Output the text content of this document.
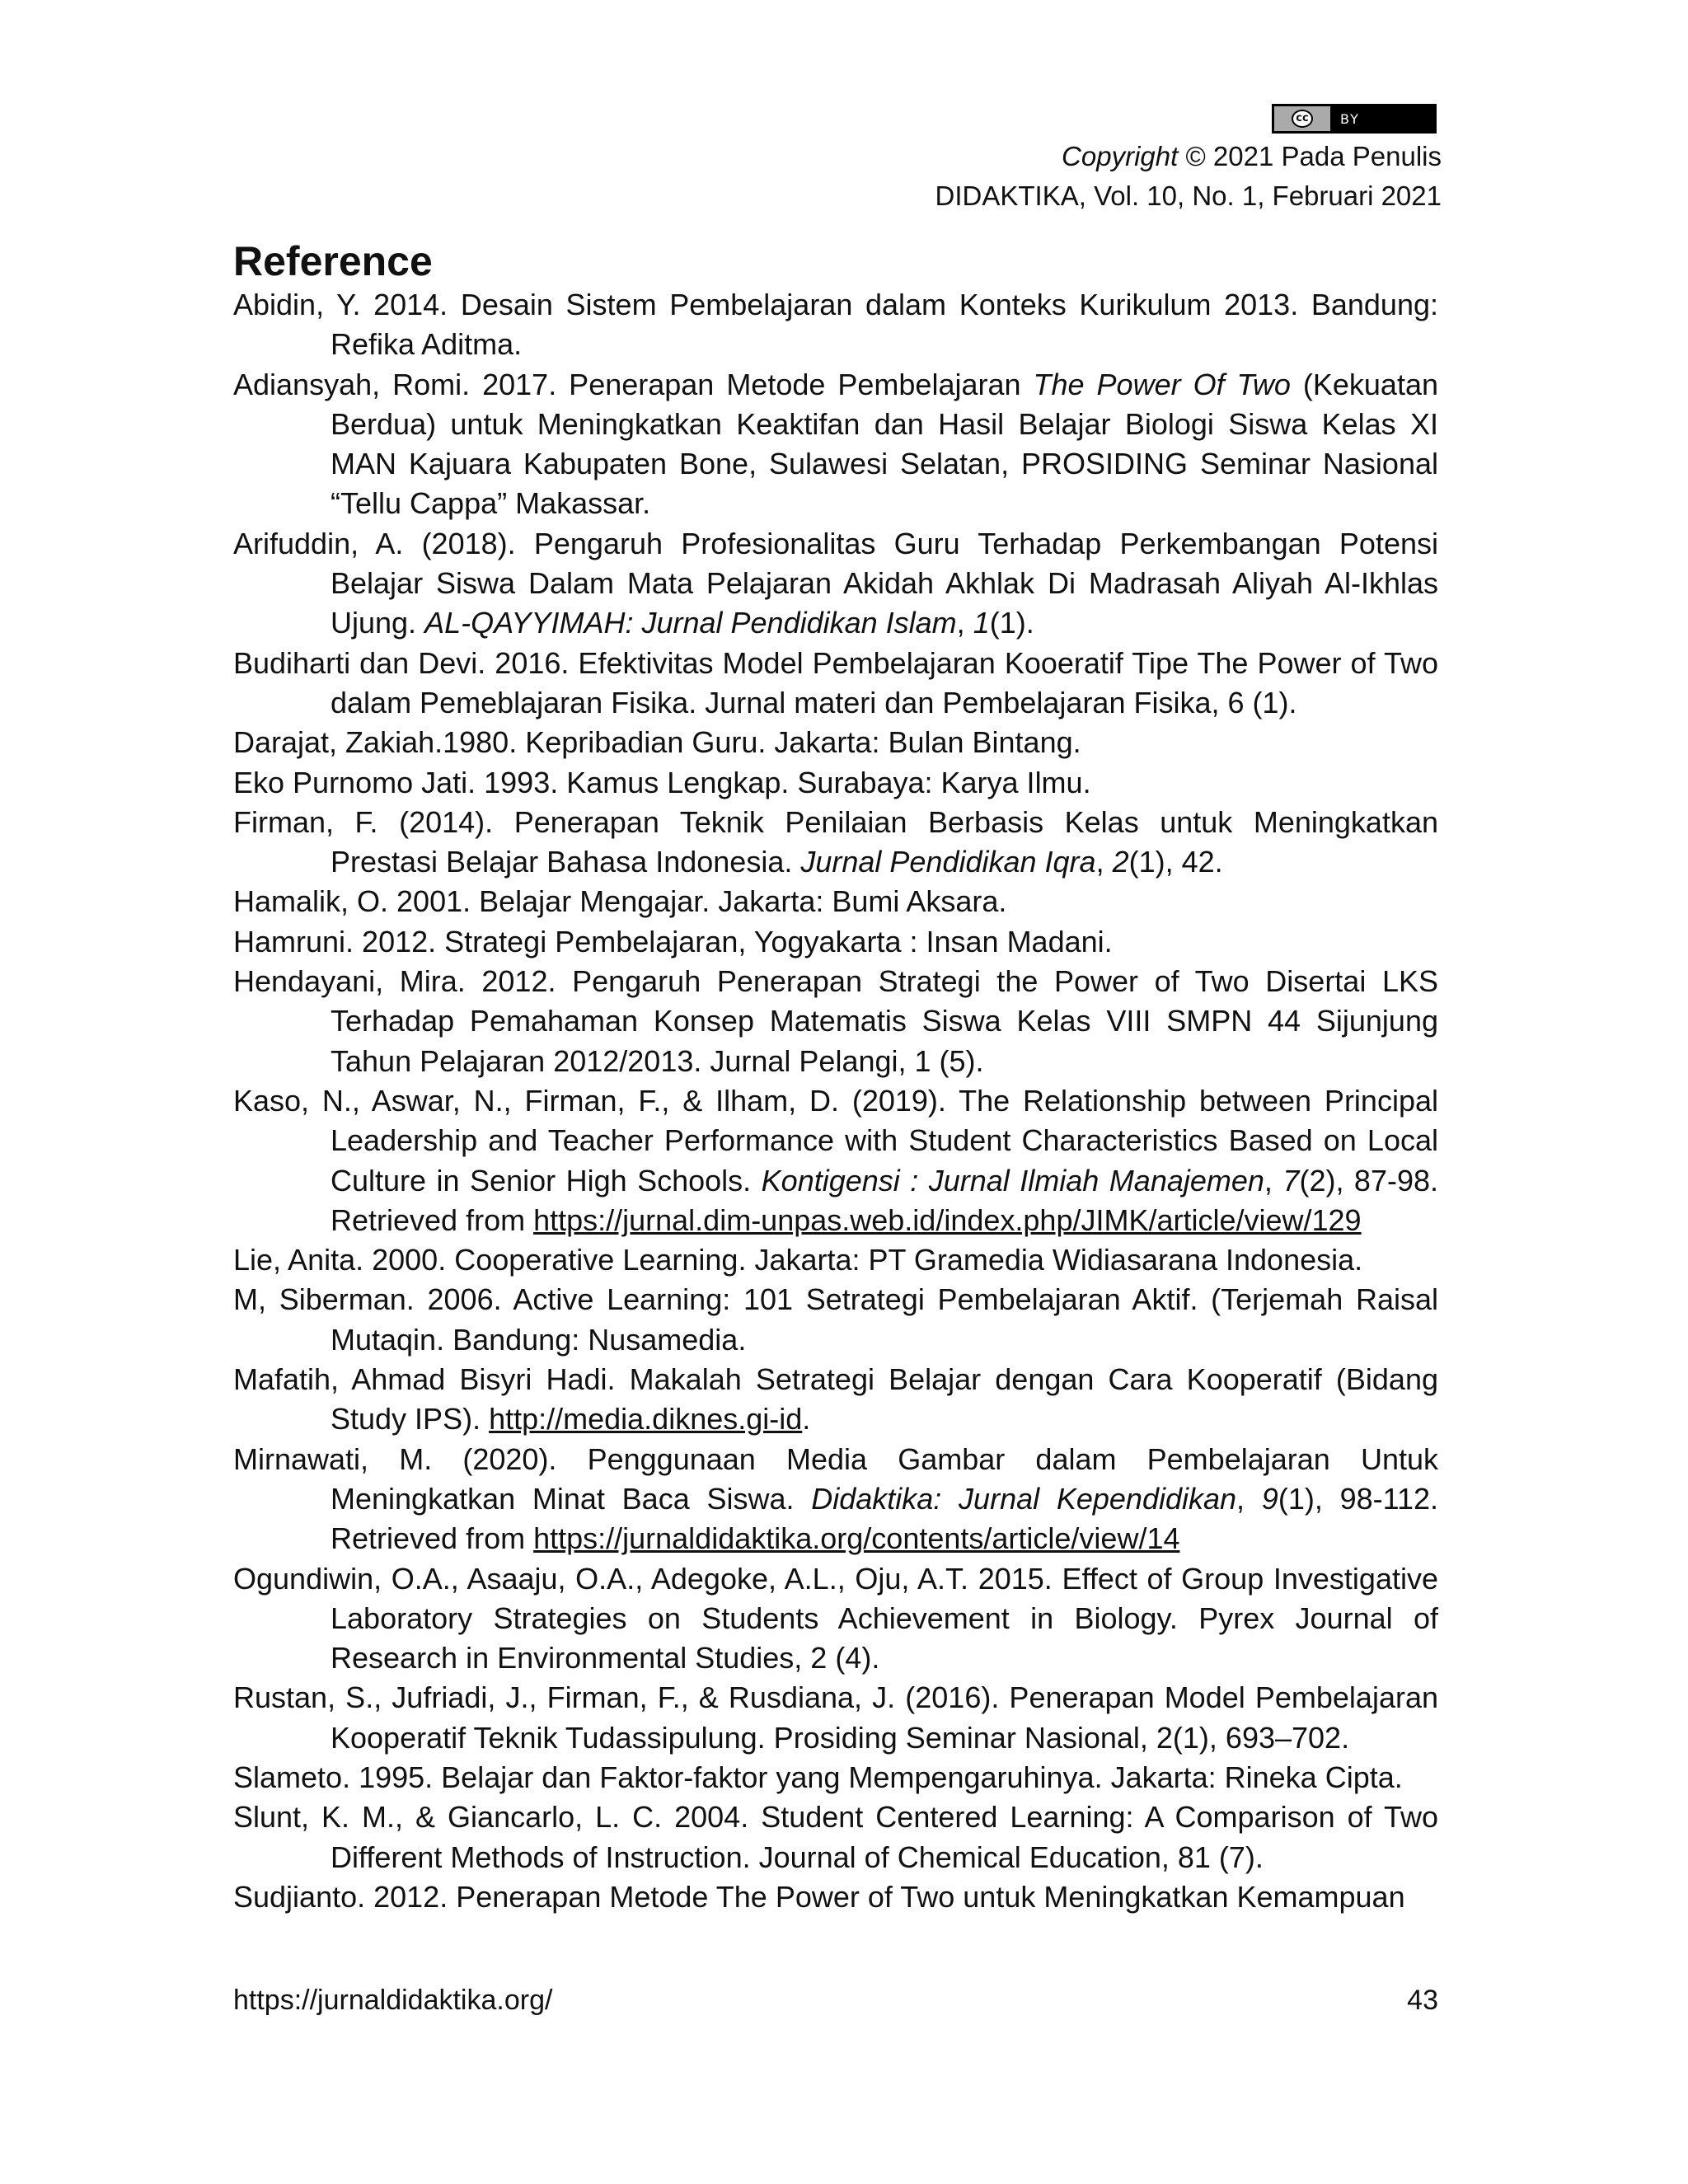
cc	BY
Copyright © 2021 Pada Penulis
DIDAKTIKA, Vol. 10, No. 1, Februari 2021
Reference

Abidin, Y. 2014. Desain Sistem Pembelajaran dalam Konteks Kurikulum 2013. Bandung: Refika Aditma.

Adiansyah, Romi. 2017. Penerapan Metode Pembelajaran The Power Of Two (Kekuatan Berdua) untuk Meningkatkan Keaktifan dan Hasil Belajar Biologi Siswa Kelas XI MAN Kajuara Kabupaten Bone, Sulawesi Selatan, PROSIDING Seminar Nasional “Tellu Cappa” Makassar.

Arifuddin, A. (2018). Pengaruh Profesionalitas Guru Terhadap Perkembangan Potensi Belajar Siswa Dalam Mata Pelajaran Akidah Akhlak Di Madrasah Aliyah Al-Ikhlas Ujung. AL-QAYYIMAH: Jurnal Pendidikan Islam, 1(1).

Budiharti dan Devi. 2016. Efektivitas Model Pembelajaran Kooeratif Tipe The Power of Two dalam Pemeblajaran Fisika. Jurnal materi dan Pembelajaran Fisika, 6 (1).

Darajat, Zakiah.1980. Kepribadian Guru. Jakarta: Bulan Bintang.

Eko Purnomo Jati. 1993. Kamus Lengkap. Surabaya: Karya Ilmu.

Firman, F. (2014). Penerapan Teknik Penilaian Berbasis Kelas untuk Meningkatkan Prestasi Belajar Bahasa Indonesia. Jurnal Pendidikan Iqra, 2(1), 42.

Hamalik, O. 2001. Belajar Mengajar. Jakarta: Bumi Aksara.

Hamruni. 2012. Strategi Pembelajaran, Yogyakarta : Insan Madani.

Hendayani, Mira. 2012. Pengaruh Penerapan Strategi the Power of Two Disertai LKS Terhadap Pemahaman Konsep Matematis Siswa Kelas VIII SMPN 44 Sijunjung Tahun Pelajaran 2012/2013. Jurnal Pelangi, 1 (5).

Kaso, N., Aswar, N., Firman, F., & Ilham, D. (2019). The Relationship between Principal Leadership and Teacher Performance with Student Characteristics Based on Local Culture in Senior High Schools. Kontigensi : Jurnal Ilmiah Manajemen, 7(2), 87-98. Retrieved from https://jurnal.dim-unpas.web.id/index.php/JIMK/article/view/129

Lie, Anita. 2000. Cooperative Learning. Jakarta: PT Gramedia Widiasarana Indonesia.

M, Siberman. 2006. Active Learning: 101 Setrategi Pembelajaran Aktif. (Terjemah Raisal Mutaqin. Bandung: Nusamedia.

Mafatih, Ahmad Bisyri Hadi. Makalah Setrategi Belajar dengan Cara Kooperatif (Bidang Study IPS). http://media.diknes.gi-id.

Mirnawati, M. (2020). Penggunaan Media Gambar dalam Pembelajaran Untuk Meningkatkan Minat Baca Siswa. Didaktika: Jurnal Kependidikan, 9(1), 98-112. Retrieved from https://jurnaldidaktika.org/contents/article/view/14

Ogundiwin, O.A., Asaaju, O.A., Adegoke, A.L., Oju, A.T. 2015. Effect of Group Investigative Laboratory Strategies on Students Achievement in Biology. Pyrex Journal of Research in Environmental Studies, 2 (4).

Rustan, S., Jufriadi, J., Firman, F., & Rusdiana, J. (2016). Penerapan Model Pembelajaran Kooperatif Teknik Tudassipulung. Prosiding Seminar Nasional, 2(1), 693–702.

Slameto. 1995. Belajar dan Faktor-faktor yang Mempengaruhinya. Jakarta: Rineka Cipta.

Slunt, K. M., & Giancarlo, L. C. 2004. Student Centered Learning: A Comparison of Two Different Methods of Instruction. Journal of Chemical Education, 81 (7).

Sudjianto. 2012. Penerapan Metode The Power of Two untuk Meningkatkan Kemampuan

https://jurnaldidaktika.org/	43
